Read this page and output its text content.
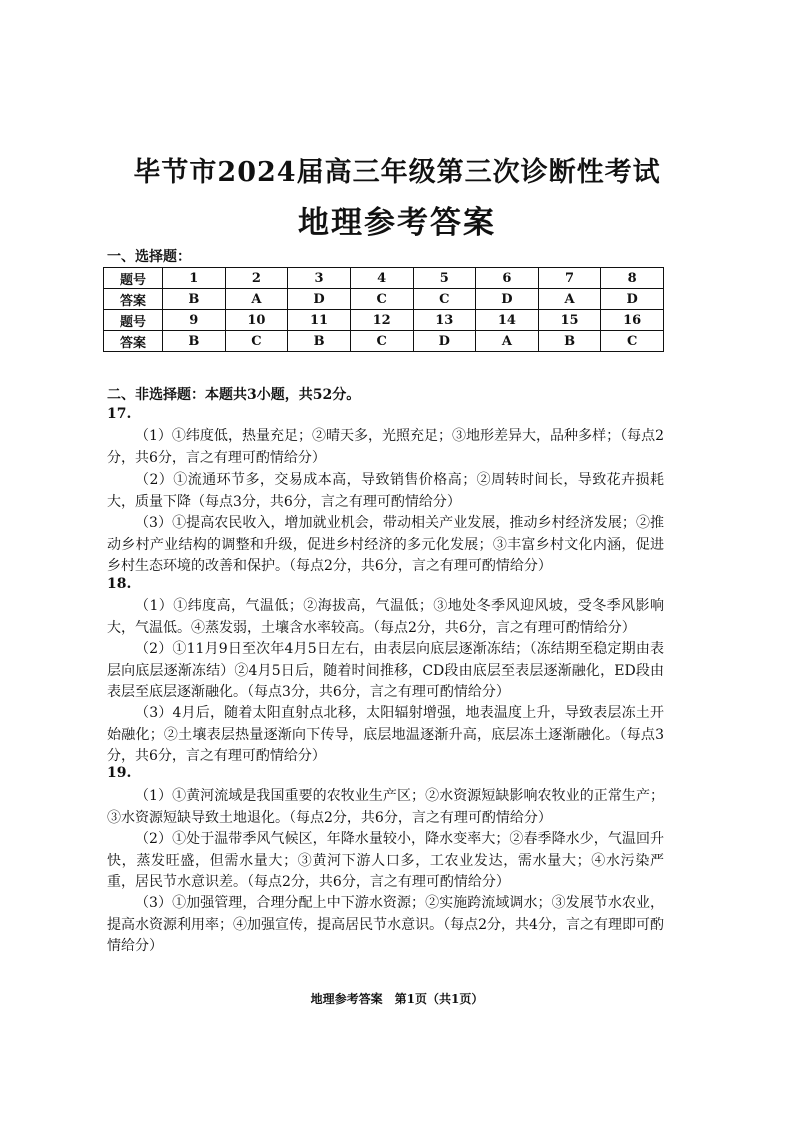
毕节市2024届高三年级第三次诊断性考试
地理参考答案
一、选择题：
题号	1	2	3	4	5	6	7	8
答案	B	A	D	C	C	D	A	D
题号	9	10	11	12	13	14	15	16
答案	B	C	B	C	D	A	B	C
二、非选择题：本题共3小题，共52分。
17.
（1）①纬度低，热量充足；②晴天多，光照充足；③地形差异大，品种多样；（每点2分，共6分，言之有理可酌情给分）
（2）①流通环节多，交易成本高，导致销售价格高；②周转时间长，导致花卉损耗大，质量下降（每点3分，共6分，言之有理可酌情给分）
（3）①提高农民收入，增加就业机会，带动相关产业发展，推动乡村经济发展；②推动乡村产业结构的调整和升级，促进乡村经济的多元化发展；③丰富乡村文化内涵，促进乡村生态环境的改善和保护。（每点2分，共6分，言之有理可酌情给分）
18.
（1）①纬度高，气温低；②海拔高，气温低；③地处冬季风迎风坡，受冬季风影响大，气温低。④蒸发弱，土壤含水率较高。（每点2分，共6分，言之有理可酌情给分）
（2）①11月9日至次年4月5日左右，由表层向底层逐渐冻结；（冻结期至稳定期由表层向底层逐渐冻结）②4月5日后，随着时间推移，CD段由底层至表层逐渐融化，ED段由表层至底层逐渐融化。（每点3分，共6分，言之有理可酌情给分）
（3）4月后，随着太阳直射点北移，太阳辐射增强，地表温度上升，导致表层冻土开始融化；②土壤表层热量逐渐向下传导，底层地温逐渐升高，底层冻土逐渐融化。（每点3分，共6分，言之有理可酌情给分）
19.
（1）①黄河流域是我国重要的农牧业生产区；②水资源短缺影响农牧业的正常生产；③水资源短缺导致土地退化。（每点2分，共6分，言之有理可酌情给分）
（2）①处于温带季风气候区，年降水量较小，降水变率大；②春季降水少，气温回升快，蒸发旺盛，但需水量大；③黄河下游人口多，工农业发达，需水量大；④水污染严重，居民节水意识差。（每点2分，共6分，言之有理可酌情给分）
（3）①加强管理，合理分配上中下游水资源；②实施跨流域调水；③发展节水农业，提高水资源利用率；④加强宣传，提高居民节水意识。（每点2分，共4分，言之有理即可酌情给分）
地理参考答案　第1页（共1页）
